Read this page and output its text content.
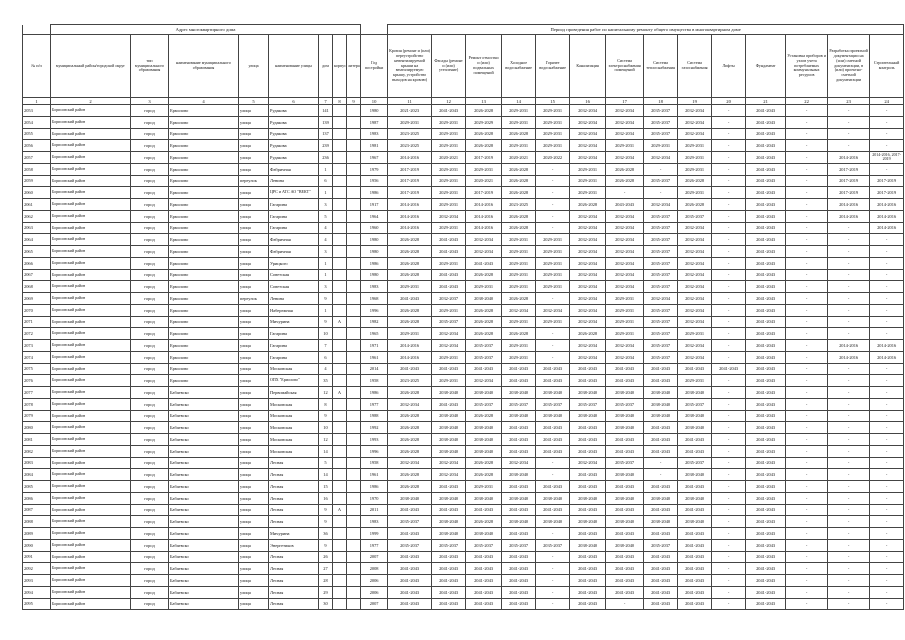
	Адрес многоквартирного дома									Период проведения работ по капитальному ремонту общего имущества в многоквартирном доме													
№ п/п	муниципальный район/городской округ	тип муниципального образования	наименование муниципального образования	улица	наименование улицы	дом	корпус	литера	Год постройки	Кровля (ремонт и (или) переустройство невентилируемой крыши на вентилируемую крышу, устройство выходов на кровлю)	Фасады (ремонт и (или) утепление)	Ремонт отмостки и (или) подвальных помещений	Холодное водоснабжение	Горячее водоснабжение	Канализация	Система электроснабжения помещений	Система теплоснабжения	Система газоснабжения	Лифты	Фундамент	Установка приборов и узлов учета потребляемых коммунальных ресурсов	Разработка проектной документации на (или) сметной документации, в (или) проектно-сметной документации	Строительный контроль
1	2	3	4	5	6	7	8	9	10	11	12	13	14	15	16	17	18	19	20	21	22	23	24
2053	Борисовский район	город	Ермолово	улица	Рудакова	141			1980	2021-2023	2041-2043	2026-2028	2029-2031	2029-2031	2032-2034	2032-2034	2035-2037	2032-2034	-	2041-2043	-	-	-
2054	Борисовский район	город	Ермолово	улица	Рудакова	139			1987	2029-2031	2029-2031	2029-2029	2029-2031	2029-2031	2032-2034	2032-2034	2035-2037	2032-2034	-	2041-2043	-	-	-
2055	Борисовский район	город	Ермолово	улица	Рудакова	137			1983	2023-2025	2029-2031	2026-2028	2026-2028	2029-2031	2032-2034	2032-2034	2035-2037	2032-2034	-	2041-2043	-	-	-
2056	Борисовский район	город	Ермолово	улица	Рудакова	239			1981	2023-2025	2029-2031	2026-2028	2029-2031	2029-2031	2032-2034	2029-2031	2029-2031	2029-2031	-	2041-2043	-	-	-
2057	Борисовский район	город	Ермолово	улица	Рудакова	236			1967	2014-2016	2020-2021	2017-2019	2020-2021	2020-2022	2032-2034	2032-2034	2032-2034	2029-2031	-	2041-2043	-	2014-2016	2014-2016, 2017-2019
2058	Борисовский район	город	Ермолово	улица	Фабричная	1			1979	2017-2019	2029-2031	2029-2031	2026-2028	-	2029-2031	2026-2028	-	2029-2031	-	2041-2043	-	2017-2019	-
2059	Борисовский район	город	Ермолово	переулок	Ленина	6			1956	2017-2019	2029-2031	2020-2021	2026-2028	-	2029-2031	2026-2028	2035-2037	2026-2028	-	2041-2043	-	2017-2019	2017-2019
2060	Борисовский район	город	Ермолово	улица	ЦРС и АТС АО "ВЕКТ"	1			1986	2017-2019	2029-2031	2017-2019	2026-2028	-	2029-2031	-	-	2029-2031	-	2041-2043	-	2017-2019	2017-2019
2061	Борисовский район	город	Ермолово	улица	Гагарина	3			1917	2014-2016	2029-2031	2014-2016	2023-2025	-	2026-2028	2043-2043	2032-2034	2026-2028	-	2041-2043	-	2014-2016	2014-2016
2062	Борисовский район	город	Ермолово	улица	Гагарина	5			1964	2014-2016	2032-2034	2014-2016	2026-2028	-	2032-2034	2032-2034	2035-2037	2035-2037	-	2041-2043	-	2014-2016	2014-2016
2063	Борисовский район	город	Ермолово	улица	Гагарина	4			1960	2014-2016	2029-2031	2014-2016	2026-2028	-	2032-2034	2032-2034	2035-2037	2032-2034	-	2041-2043	-	-	2014-2016
2064	Борисовский район	город	Ермолово	улица	Фабричная	4			1980	2026-2028	2041-2043	2032-2034	2029-2031	2029-2031	2032-2034	2032-2034	2035-2037	2032-2034	-	2041-2043	-	-	-
2065	Борисовский район	город	Ермолово	улица	Фабричная	3			1980	2026-2028	2041-2043	2032-2034	2029-2031	2029-2031	2032-2034	2032-2034	2035-2037	2032-2034	-	2041-2043	-	-	-
2066	Борисовский район	город	Ермолово	улица	Урицкого	1			1986	2026-2028	2029-2031	2041-2043	2029-2031	2029-2031	2032-2034	2032-2034	2035-2037	2032-2034	-	2041-2043	-	-	-
2067	Борисовский район	город	Ермолово	улица	Советская	1			1980	2026-2028	2041-2043	2026-2028	2029-2031	2029-2031	2032-2034	2032-2034	2035-2037	2032-2034	-	2041-2043	-	-	-
2068	Борисовский район	город	Ермолово	улица	Советская	3			1983	2029-2031	2041-2043	2029-2031	2029-2031	2029-2031	2032-2034	2032-2034	2035-2037	2032-2034	-	2041-2043	-	-	-
2069	Борисовский район	город	Ермолово	переулок	Ленина	9			1968	2041-2043	2032-2037	2038-2040	2026-2028	-	2032-2034	2029-2031	2032-2034	2032-2034	-	2041-2043	-	-	-
2070	Борисовский район	город	Ермолово	улица	Набережная	1			1996	2026-2028	2029-2031	2026-2028	2032-2034	2032-2034	2032-2034	2029-2031	2035-2037	2032-2034	-	2041-2043	-	-	-
2071	Борисовский район	город	Ермолово	улица	Мичурина	9	А		1982	2026-2028	2035-2037	2026-2028	2029-2031	2029-2031	2032-2034	2029-2031	2035-2037	2032-2034	-	2041-2043	-	-	-
2072	Борисовский район	город	Ермолово	улица	Гагарина	10			1965	2029-2031	2032-2034	2026-2028	2026-2028	-	2026-2028	2029-2031	2035-2037	2029-2031	-	2041-2043	-	-	-
2073	Борисовский район	город	Ермолово	улица	Гагарина	7			1971	2014-2016	2032-2034	2035-2037	2029-2031	-	2032-2034	2032-2034	2035-2037	2032-2034	-	2041-2043	-	2014-2016	2014-2016
2074	Борисовский район	город	Ермолово	улица	Гагарина	6			1961	2014-2016	2029-2031	2035-2037	2029-2031	-	2032-2034	2032-2034	2035-2037	2032-2034	-	2041-2043	-	2014-2016	2014-2016
2075	Борисовский район	город	Ермолово	улица	Московская	4			2014	2041-2043	2041-2043	2041-2043	2041-2043	2041-2043	2041-2043	2041-2043	2041-2043	2041-2043	2041-2043	2041-2043	-	-	-
2076	Борисовский район	город	Ермолово	улица	ОПХ "Ермолово"	35			1958	2023-2025	2029-2031	2032-2034	2041-2043	2041-2043	2041-2043	2041-2043	2041-2043	2029-2031	-	2041-2043	-	-	-
2077	Борисовский район	город	Бабаевско	улица	Первомайская	12	А		1986	2026-2028	2038-2040	2038-2040	2038-2040	2038-2040	2038-2040	2038-2040	2038-2040	2038-2040	-	2041-2043	-	-	-
2078	Борисовский район	город	Бабаевско	улица	Московская	8			1977	2032-2034	2041-2043	2035-2037	2035-2037	2035-2037	2035-2037	2035-2037	2038-2040	2035-2037	-	2041-2043	-	-	-
2079	Борисовский район	город	Бабаевско	улица	Московская	9			1988	2026-2028	2038-2040	2026-2028	2038-2040	2038-2040	2038-2040	2038-2040	2038-2040	2038-2040	-	2041-2043	-	-	-
2080	Борисовский район	город	Бабаевско	улица	Московская	10			1992	2026-2028	2038-2040	2038-2040	2041-2043	2041-2043	2041-2043	2038-2040	2041-2043	2038-2040	-	2041-2043	-	-	-
2081	Борисовский район	город	Бабаевско	улица	Московская	12			1993	2026-2028	2038-2040	2038-2040	2041-2043	2041-2043	2041-2043	2041-2043	2041-2043	2041-2043	-	2041-2043	-	-	-
2082	Борисовский район	город	Бабаевско	улица	Московская	14			1996	2026-2028	2038-2040	2038-2040	2041-2043	2041-2043	2041-2043	2041-2043	2041-2043	2041-2043	-	2041-2043	-	-	-
2083	Борисовский район	город	Бабаевско	улица	Лесная	5			1958	2032-2034	2032-2034	2026-2028	2032-2034	-	2032-2034	2035-2037	-	2035-2037	-	2041-2043	-	-	-
2084	Борисовский район	город	Бабаевско	улица	Лесная	14			1961	2026-2028	2032-2034	2026-2028	2038-2040	-	2041-2043	2038-2040	-	2038-2040	-	2041-2043	-	-	-
2085	Борисовский район	город	Бабаевско	улица	Лесная	15			1986	2026-2028	2041-2043	2029-2031	2041-2043	2041-2043	2041-2043	2041-2043	2041-2043	2041-2043	-	2041-2043	-	-	-
2086	Борисовский район	город	Бабаевско	улица	Лесная	16			1970	2038-2040	2038-2040	2038-2040	2038-2040	2038-2040	2038-2040	2038-2040	2038-2040	2038-2040	-	2041-2043	-	-	-
2087	Борисовский район	город	Бабаевско	улица	Лесная	9	А		2011	2041-2043	2041-2043	2041-2043	2041-2043	2041-2043	2041-2043	2041-2043	2041-2043	2041-2043	-	2041-2043	-	-	-
2088	Борисовский район	город	Бабаевско	улица	Лесная	9			1983	2035-2037	2038-2040	2026-2028	2038-2040	2038-2040	2038-2040	2038-2040	2038-2040	2038-2040	-	2041-2043	-	-	-
2089	Борисовский район	город	Бабаевско	улица	Мичурина	36			1999	2041-2043	2038-2040	2038-2040	2041-2043	-	2041-2043	2041-2043	2041-2043	2041-2043	-	2041-2043	-	-	-
2090	Борисовский район	город	Бабаевско	улица	Энергетиков	9			1977	2035-2037	2035-2037	2035-2037	2035-2037	2035-2037	2038-2040	2038-2040	2035-2037	2041-2043	-	2041-2043	-	-	-
2091	Борисовский район	город	Бабаевско	улица	Лесная	26			2007	2041-2043	2041-2043	2041-2043	2041-2043	-	2041-2043	2041-2043	2041-2043	2041-2043	-	2041-2043	-	-	-
2092	Борисовский район	город	Бабаевско	улица	Лесная	27			2008	2041-2043	2041-2043	2041-2043	2041-2043	-	2041-2043	2041-2043	2041-2043	2041-2043	-	2041-2043	-	-	-
2093	Борисовский район	город	Бабаевско	улица	Лесная	28			2006	2041-2043	2041-2043	2041-2043	2041-2043	-	2041-2043	2041-2043	2041-2043	2041-2043	-	2041-2043	-	-	-
2094	Борисовский район	город	Бабаевско	улица	Лесная	29			2006	2041-2043	2041-2043	2041-2043	2041-2043	-	2041-2043	2041-2043	2041-2043	2041-2043	-	2041-2043	-	-	-
2095	Борисовский район	город	Бабаевско	улица	Лесная	30			2007	2041-2043	2041-2043	2041-2043	2041-2043	-	2041-2043	-	2041-2043	2041-2043	-	2041-2043	-	-	-
